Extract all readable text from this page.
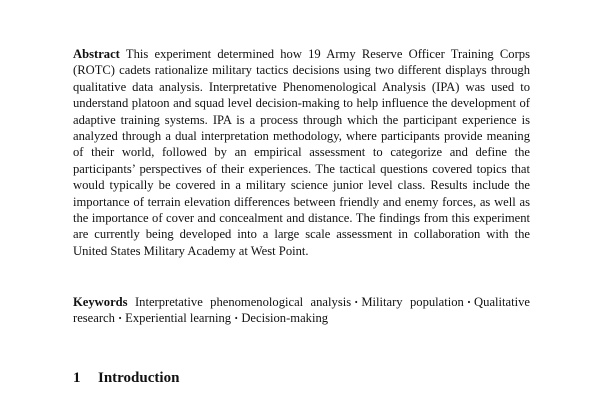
Abstract This experiment determined how 19 Army Reserve Officer Training Corps (ROTC) cadets rationalize military tactics decisions using two different displays through qualitative data analysis. Interpretative Phenomenological Analysis (IPA) was used to understand platoon and squad level decision-making to help influence the development of adaptive training systems. IPA is a process through which the participant experience is analyzed through a dual interpretation methodology, where participants provide meaning of their world, followed by an empirical assessment to categorize and define the participants’ perspectives of their experiences. The tactical questions covered topics that would typically be covered in a military science junior level class. Results include the importance of terrain elevation differences between friendly and enemy forces, as well as the importance of cover and concealment and distance. The findings from this experiment are currently being developed into a large scale assessment in collaboration with the United States Military Academy at West Point.

Keywords Interpretative phenomenological analysis · Military population · Qualitative research · Experiential learning · Decision-making

1 Introduction
